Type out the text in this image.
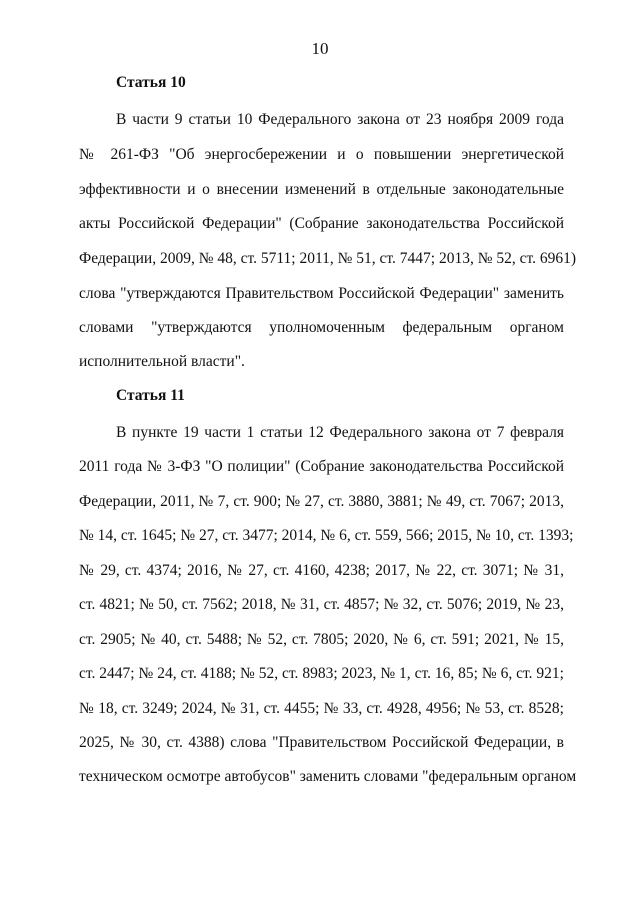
10
Статья 10
В части 9 статьи 10 Федерального закона от 23 ноября 2009 года
№ 261-ФЗ "Об энергосбережении и о повышении энергетической
эффективности и о внесении изменений в отдельные законодательные
акты Российской Федерации" (Собрание законодательства Российской
Федерации, 2009, № 48, ст. 5711; 2011, № 51, ст. 7447; 2013, № 52, ст. 6961)
слова "утверждаются Правительством Российской Федерации" заменить
словами "утверждаются уполномоченным федеральным органом
исполнительной власти".
Статья 11
В пункте 19 части 1 статьи 12 Федерального закона от 7 февраля
2011 года № 3-ФЗ "О полиции" (Собрание законодательства Российской
Федерации, 2011, № 7, ст. 900; № 27, ст. 3880, 3881; № 49, ст. 7067; 2013,
№ 14, ст. 1645; № 27, ст. 3477; 2014, № 6, ст. 559, 566; 2015, № 10, ст. 1393;
№ 29, ст. 4374; 2016, № 27, ст. 4160, 4238; 2017, № 22, ст. 3071; № 31,
ст. 4821; № 50, ст. 7562; 2018, № 31, ст. 4857; № 32, ст. 5076; 2019, № 23,
ст. 2905; № 40, ст. 5488; № 52, ст. 7805; 2020, № 6, ст. 591; 2021, № 15,
ст. 2447; № 24, ст. 4188; № 52, ст. 8983; 2023, № 1, ст. 16, 85; № 6, ст. 921;
№ 18, ст. 3249; 2024, № 31, ст. 4455; № 33, ст. 4928, 4956; № 53, ст. 8528;
2025, № 30, ст. 4388) слова "Правительством Российской Федерации, в
техническом осмотре автобусов" заменить словами "федеральным органом
